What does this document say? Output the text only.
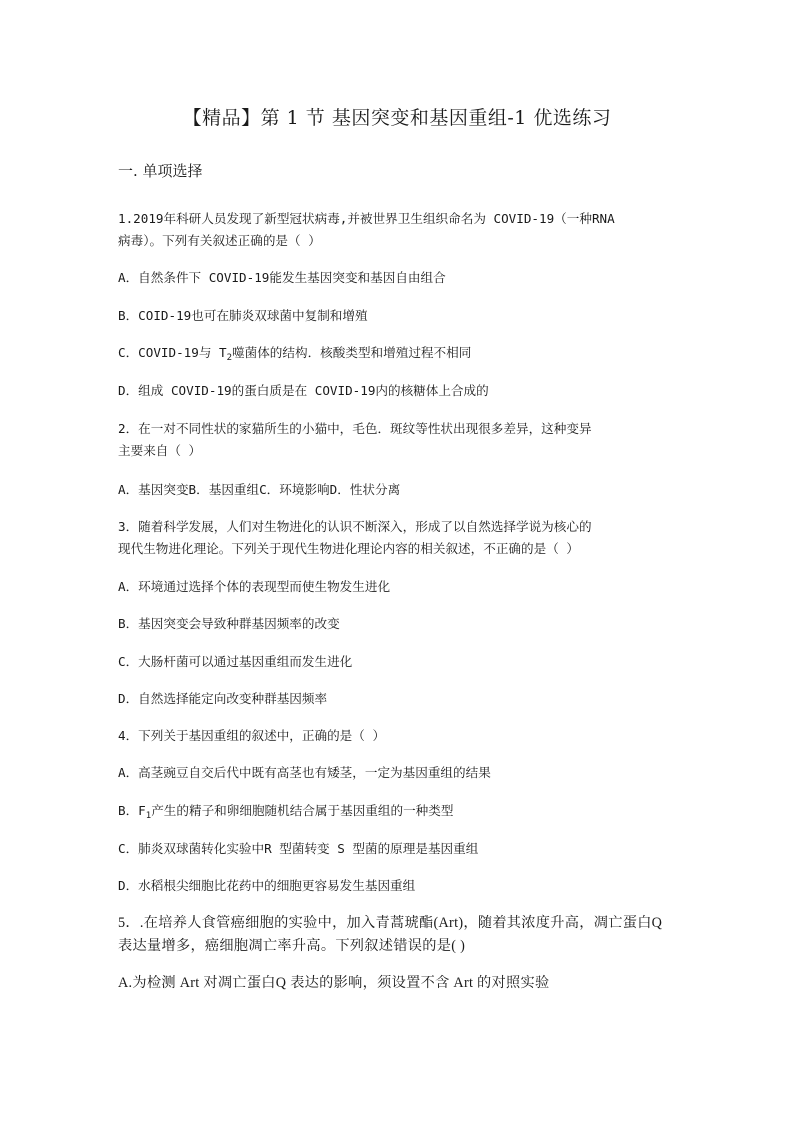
【精品】第 1 节 基因突变和基因重组-1 优选练习
一. 单项选择
1.2019年科研人员发现了新型冠状病毒,并被世界卫生组织命名为 COVID-19（一种RNA
病毒）。下列有关叙述正确的是（ ）
A．自然条件下 COVID-19能发生基因突变和基因自由组合
B．COID-19也可在肺炎双球菌中复制和增殖
C．COVID-19与 $T_2$噬菌体的结构．核酸类型和增殖过程不相同
D．组成 COVID-19的蛋白质是在 COVID-19内的核糖体上合成的
2．在一对不同性状的家猫所生的小猫中，毛色．斑纹等性状出现很多差异，这种变异
主要来自（ ）
A．基因突变B．基因重组C．环境影响D．性状分离
3．随着科学发展，人们对生物进化的认识不断深入，形成了以自然选择学说为核心的
现代生物进化理论。下列关于现代生物进化理论内容的相关叙述，不正确的是（ ）
A．环境通过选择个体的表现型而使生物发生进化
B．基因突变会导致种群基因频率的改变
C．大肠杆菌可以通过基因重组而发生进化
D．自然选择能定向改变种群基因频率
4．下列关于基因重组的叙述中，正确的是（ ）
A．高茎豌豆自交后代中既有高茎也有矮茎，一定为基因重组的结果
B．$F_1$产生的精子和卵细胞随机结合属于基因重组的一种类型
C．肺炎双球菌转化实验中R 型菌转变 S 型菌的原理是基因重组
D．水稻根尖细胞比花药中的细胞更容易发生基因重组
5．.在培养人食管癌细胞的实验中，加入青蒿琥酯(Art)，随着其浓度升高，凋亡蛋白Q
表达量增多，癌细胞凋亡率升高。下列叙述错误的是( )
A.为检测 Art 对凋亡蛋白Q 表达的影响，须设置不含 Art 的对照实验
